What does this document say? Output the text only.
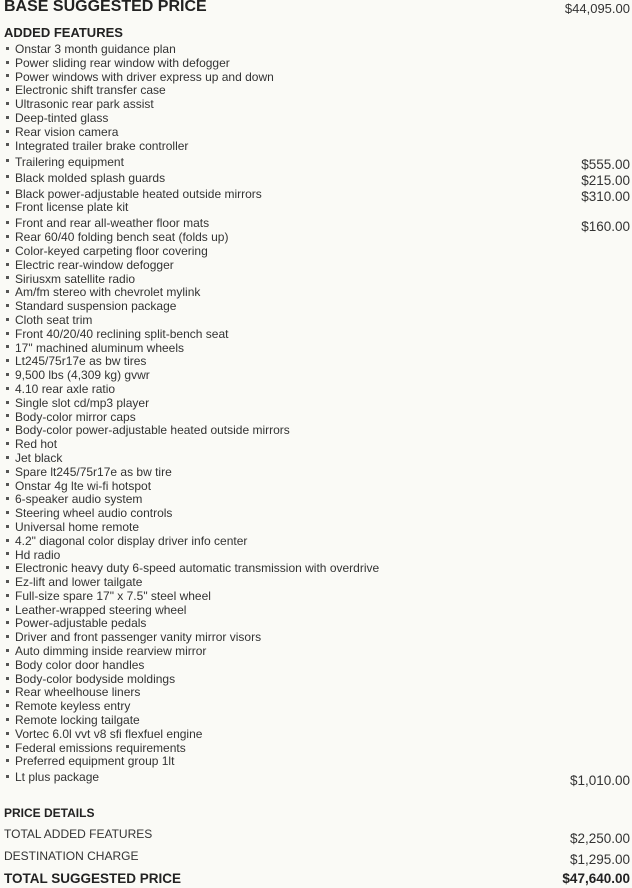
BASE SUGGESTED PRICE	$44,095.00
ADDED FEATURES
Onstar 3 month guidance plan
Power sliding rear window with defogger
Power windows with driver express up and down
Electronic shift transfer case
Ultrasonic rear park assist
Deep-tinted glass
Rear vision camera
Integrated trailer brake controller
Trailering equipment	$555.00
Black molded splash guards	$215.00
Black power-adjustable heated outside mirrors	$310.00
Front license plate kit
Front and rear all-weather floor mats	$160.00
Rear 60/40 folding bench seat (folds up)
Color-keyed carpeting floor covering
Electric rear-window defogger
Siriusxm satellite radio
Am/fm stereo with chevrolet mylink
Standard suspension package
Cloth seat trim
Front 40/20/40 reclining split-bench seat
17" machined aluminum wheels
Lt245/75r17e as bw tires
9,500 lbs (4,309 kg) gvwr
4.10 rear axle ratio
Single slot cd/mp3 player
Body-color mirror caps
Body-color power-adjustable heated outside mirrors
Red hot
Jet black
Spare lt245/75r17e as bw tire
Onstar 4g lte wi-fi hotspot
6-speaker audio system
Steering wheel audio controls
Universal home remote
4.2" diagonal color display driver info center
Hd radio
Electronic heavy duty 6-speed automatic transmission with overdrive
Ez-lift and lower tailgate
Full-size spare 17" x 7.5" steel wheel
Leather-wrapped steering wheel
Power-adjustable pedals
Driver and front passenger vanity mirror visors
Auto dimming inside rearview mirror
Body color door handles
Body-color bodyside moldings
Rear wheelhouse liners
Remote keyless entry
Remote locking tailgate
Vortec 6.0l vvt v8 sfi flexfuel engine
Federal emissions requirements
Preferred equipment group 1lt
Lt plus package	$1,010.00
PRICE DETAILS
TOTAL ADDED FEATURES	$2,250.00
DESTINATION CHARGE	$1,295.00
TOTAL SUGGESTED PRICE	$47,640.00
